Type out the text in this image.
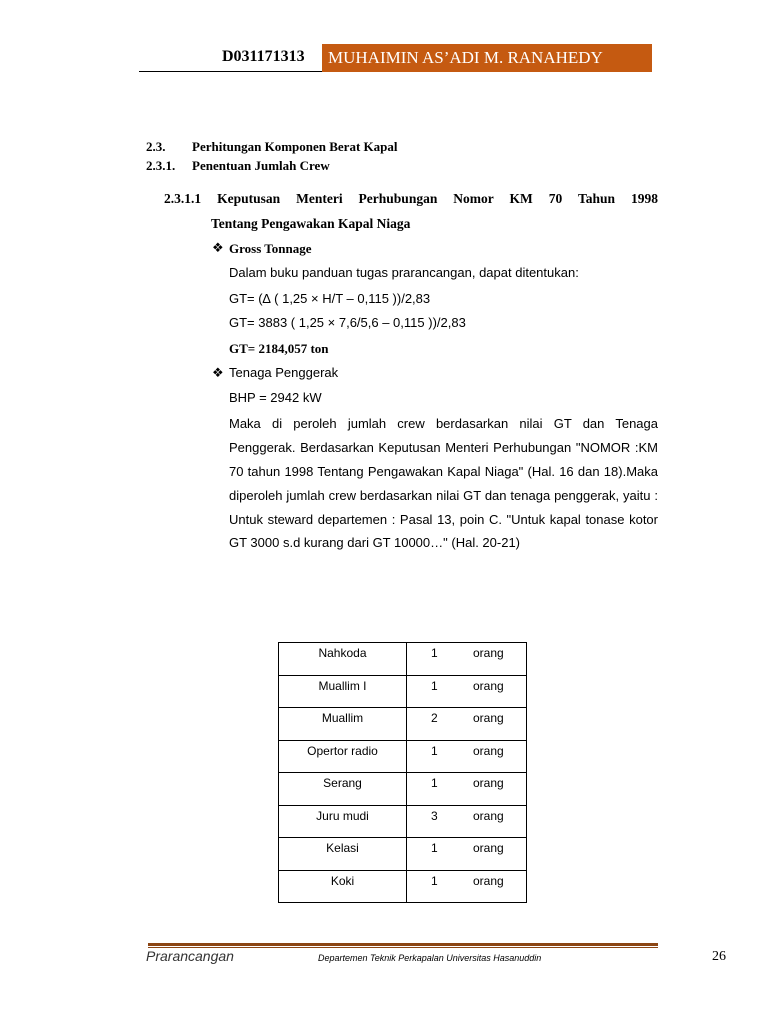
D031171313	MUHAIMIN AS’ADI M. RANAHEDY
2.3. Perhitungan Komponen Berat Kapal
2.3.1. Penentuan Jumlah Crew
2.3.1.1 Keputusan Menteri Perhubungan Nomor KM 70 Tahun 1998
Tentang Pengawakan Kapal Niaga
❖ Gross Tonnage
Dalam buku panduan tugas prarancangan, dapat ditentukan:
GT= (∆ ( 1,25 × H/T – 0,115 ))/2,83
GT= 3883 ( 1,25 × 7,6/5,6 – 0,115 ))/2,83
GT= 2184,057 ton
❖ Tenaga Penggerak
BHP = 2942 kW
Maka di peroleh jumlah crew berdasarkan nilai GT dan Tenaga
Penggerak. Berdasarkan Keputusan Menteri Perhubungan "NOMOR :KM
70 tahun 1998 Tentang Pengawakan Kapal Niaga" (Hal. 16 dan 18).Maka
diperoleh jumlah crew berdasarkan nilai GT dan tenaga penggerak, yaitu :
Untuk steward departemen : Pasal 13, poin C. "Untuk kapal tonase kotor
GT 3000 s.d kurang dari GT 10000…" (Hal. 20-21)
Nahkoda	1 orang

Muallim I	1 orang

Muallim	2 orang

Opertor radio	1 orang

Serang	1 orang

Juru mudi	3 orang

Kelasi	1 orang

Koki	1 orang
Prarancangan	Departemen Teknik Perkapalan Universitas Hasanuddin	26
